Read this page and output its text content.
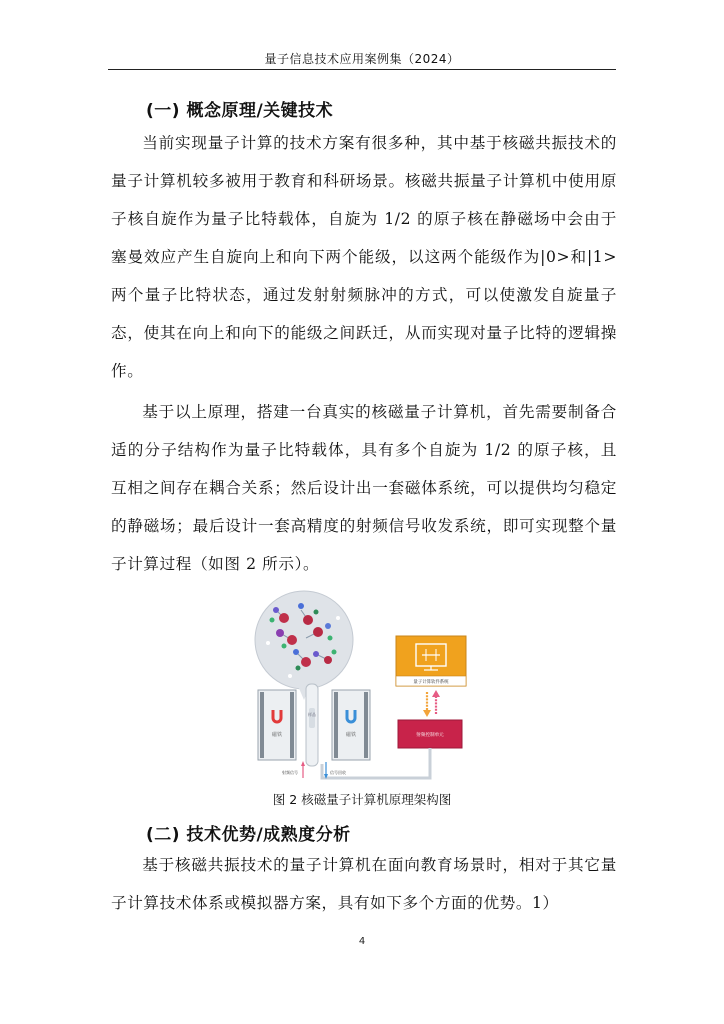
量子信息技术应用案例集（2024）
(一) 概念原理/关键技术

当前实现量子计算的技术方案有很多种，其中基于核磁共振技术的量子计算机较多被用于教育和科研场景。核磁共振量子计算机中使用原子核自旋作为量子比特载体，自旋为 1/2 的原子核在静磁场中会由于塞曼效应产生自旋向上和向下两个能级，以这两个能级作为|0>和|1>两个量子比特状态，通过发射射频脉冲的方式，可以使激发自旋量子态，使其在向上和向下的能级之间跃迁，从而实现对量子比特的逻辑操作。

基于以上原理，搭建一台真实的核磁量子计算机，首先需要制备合适的分子结构作为量子比特载体，具有多个自旋为 1/2 的原子核，且互相之间存在耦合关系；然后设计出一套磁体系统，可以提供均匀稳定的静磁场；最后设计一套高精度的射频信号收发系统，即可实现整个量子计算过程（如图 2 所示）。

样品
磁铁	磁铁
量子计算软件系统
射频控制单元
射频信号	信号回收
图 2 核磁量子计算机原理架构图
(二) 技术优势/成熟度分析

基于核磁共振技术的量子计算机在面向教育场景时，相对于其它量子计算技术体系或模拟器方案，具有如下多个方面的优势。1）

4
